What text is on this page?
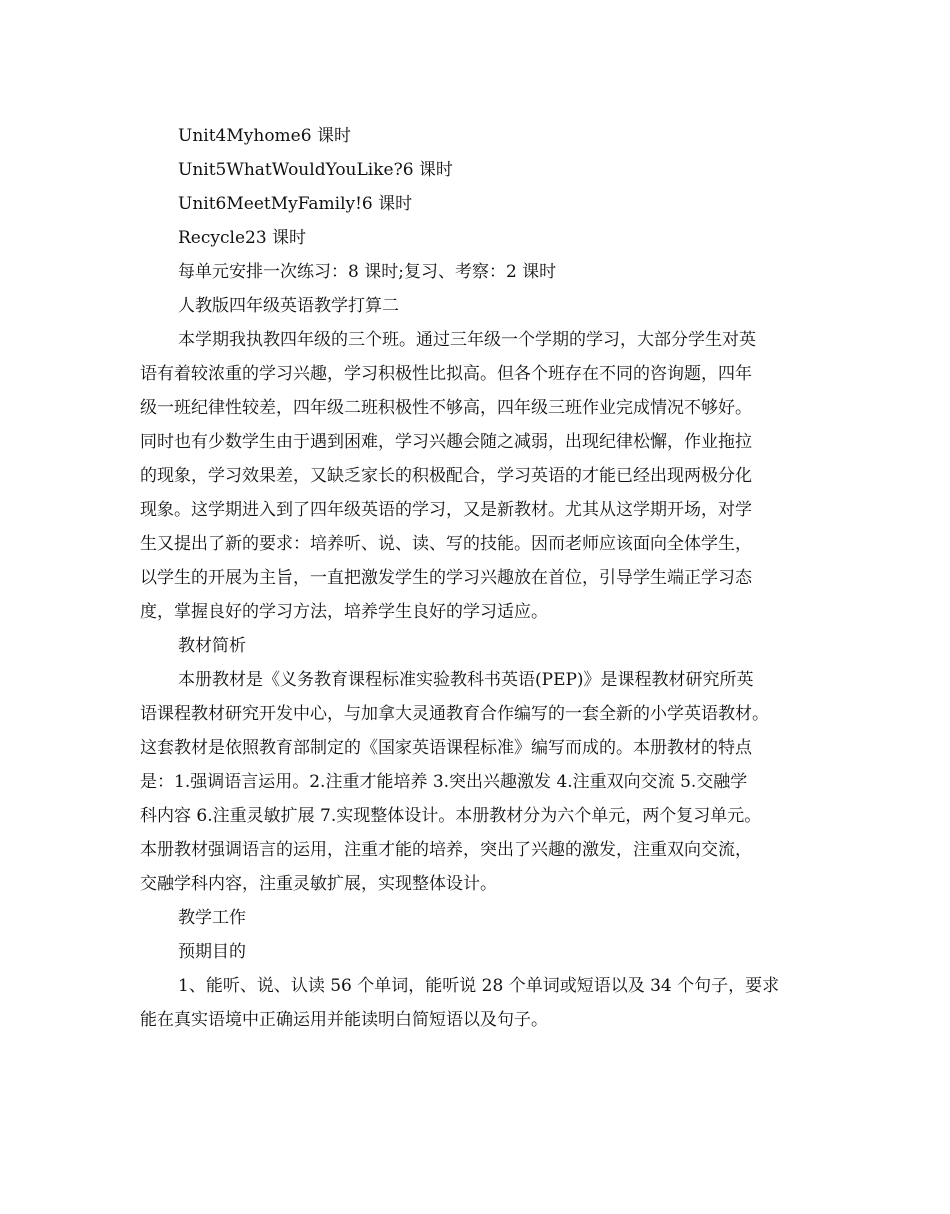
Unit4Myhome6 课时
Unit5WhatWouldYouLike?6 课时
Unit6MeetMyFamily!6 课时
Recycle23 课时
每单元安排一次练习：8 课时;复习、考察：2 课时
人教版四年级英语教学打算二
本学期我执教四年级的三个班。通过三年级一个学期的学习，大部分学生对英
语有着较浓重的学习兴趣，学习积极性比拟高。但各个班存在不同的咨询题，四年
级一班纪律性较差，四年级二班积极性不够高，四年级三班作业完成情况不够好。
同时也有少数学生由于遇到困难，学习兴趣会随之减弱，出现纪律松懈，作业拖拉
的现象，学习效果差，又缺乏家长的积极配合，学习英语的才能已经出现两极分化
现象。这学期进入到了四年级英语的学习，又是新教材。尤其从这学期开场，对学
生又提出了新的要求：培养听、说、读、写的技能。因而老师应该面向全体学生，
以学生的开展为主旨，一直把激发学生的学习兴趣放在首位，引导学生端正学习态
度，掌握良好的学习方法，培养学生良好的学习适应。
教材简析
本册教材是《义务教育课程标准实验教科书英语(PEP)》是课程教材研究所英
语课程教材研究开发中心，与加拿大灵通教育合作编写的一套全新的小学英语教材。
这套教材是依照教育部制定的《国家英语课程标准》编写而成的。本册教材的特点
是：1.强调语言运用。2.注重才能培养 3.突出兴趣激发 4.注重双向交流 5.交融学
科内容 6.注重灵敏扩展 7.实现整体设计。本册教材分为六个单元，两个复习单元。
本册教材强调语言的运用，注重才能的培养，突出了兴趣的激发，注重双向交流，
交融学科内容，注重灵敏扩展，实现整体设计。
教学工作
预期目的
1、能听、说、认读 56 个单词，能听说 28 个单词或短语以及 34 个句子，要求
能在真实语境中正确运用并能读明白简短语以及句子。
